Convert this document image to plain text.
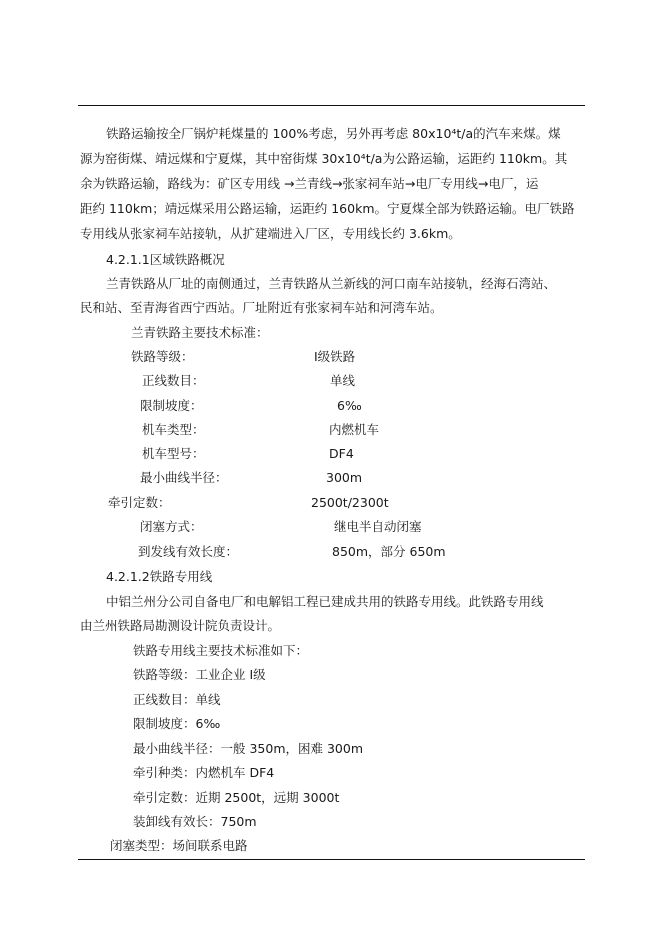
铁路运输按全厂锅炉耗煤量的 100%考虑，另外再考虑 80x10⁴t/a的汽车来煤。煤
源为窑街煤、靖远煤和宁夏煤，其中窑街煤 30x10⁴t/a为公路运输，运距约 110km。其
余为铁路运输，路线为：矿区专用线 →兰青线→张家祠车站→电厂专用线→电厂，运
距约 110km；靖远煤采用公路运输，运距约 160km。宁夏煤全部为铁路运输。电厂铁路
专用线从张家祠车站接轨，从扩建端进入厂区，专用线长约 3.6km。
4.2.1.1区域铁路概况
兰青铁路从厂址的南侧通过，兰青铁路从兰新线的河口南车站接轨，经海石湾站、
民和站、至青海省西宁西站。厂址附近有张家祠车站和河湾车站。
兰青铁路主要技术标准：
铁路等级：	Ⅰ级铁路
正线数目：	单线
限制坡度：	6‰
机车类型：	内燃机车
机车型号：	DF4
最小曲线半径：	300m
牵引定数：	2500t/2300t
闭塞方式：	继电半自动闭塞
到发线有效长度：	850m，部分 650m
4.2.1.2铁路专用线
中铝兰州分公司自备电厂和电解铝工程已建成共用的铁路专用线。此铁路专用线
由兰州铁路局勘测设计院负责设计。
铁路专用线主要技术标准如下：
铁路等级：工业企业 Ⅰ级
正线数目：单线
限制坡度：6‰
最小曲线半径：一般 350m，困难 300m
牵引种类：内燃机车 DF4
牵引定数：近期 2500t，远期 3000t
装卸线有效长：750m
闭塞类型：场间联系电路
